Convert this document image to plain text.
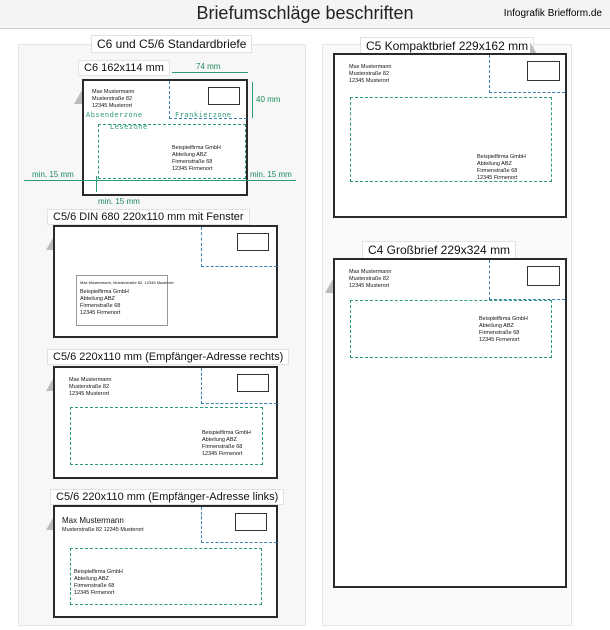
Briefumschläge beschriften	Infografik Briefform.de
C6 und C5/6 Standardbriefe
C6 162x114 mm
Max Mustermann
Musterstraße 82
12345 Musterort
Beispielfirma GmbH
Abteilung ABZ
Firmenstraße 68
12345 Firmenort
Absenderzone	Frankierzone
Lesezone
74 mm
40 mm
min. 15 mm	min. 15 mm
min. 15 mm
C5/6 DIN 680 220x110 mm mit Fenster
Max Mustermann, Musterstraße 82, 12345 Musterort
Beispielfirma GmbH
Abteilung ABZ
Firmenstraße 68
12345 Firmenort
C5/6 220x110 mm (Empfänger-Adresse rechts)
Max Mustermann
Musterstraße 82
12345 Musterort
Beispielfirma GmbH
Abteilung ABZ
Firmenstraße 68
12345 Firmenort
C5/6 220x110 mm (Empfänger-Adresse links)
Max Mustermann
Musterstraße 82 12345 Musterort
Beispielfirma GmbH
Abteilung ABZ
Firmenstraße 68
12345 Firmenort
C5 Kompaktbrief 229x162 mm
Max Mustermann
Musterstraße 82
12345 Musterort
Beispielfirma GmbH
Abteilung ABZ
Firmenstraße 68
12345 Firmenort
C4 Großbrief 229x324 mm
Max Mustermann
Musterstraße 82
12345 Musterort
Beispielfirma GmbH
Abteilung ABZ
Firmenstraße 68
12345 Firmenort
